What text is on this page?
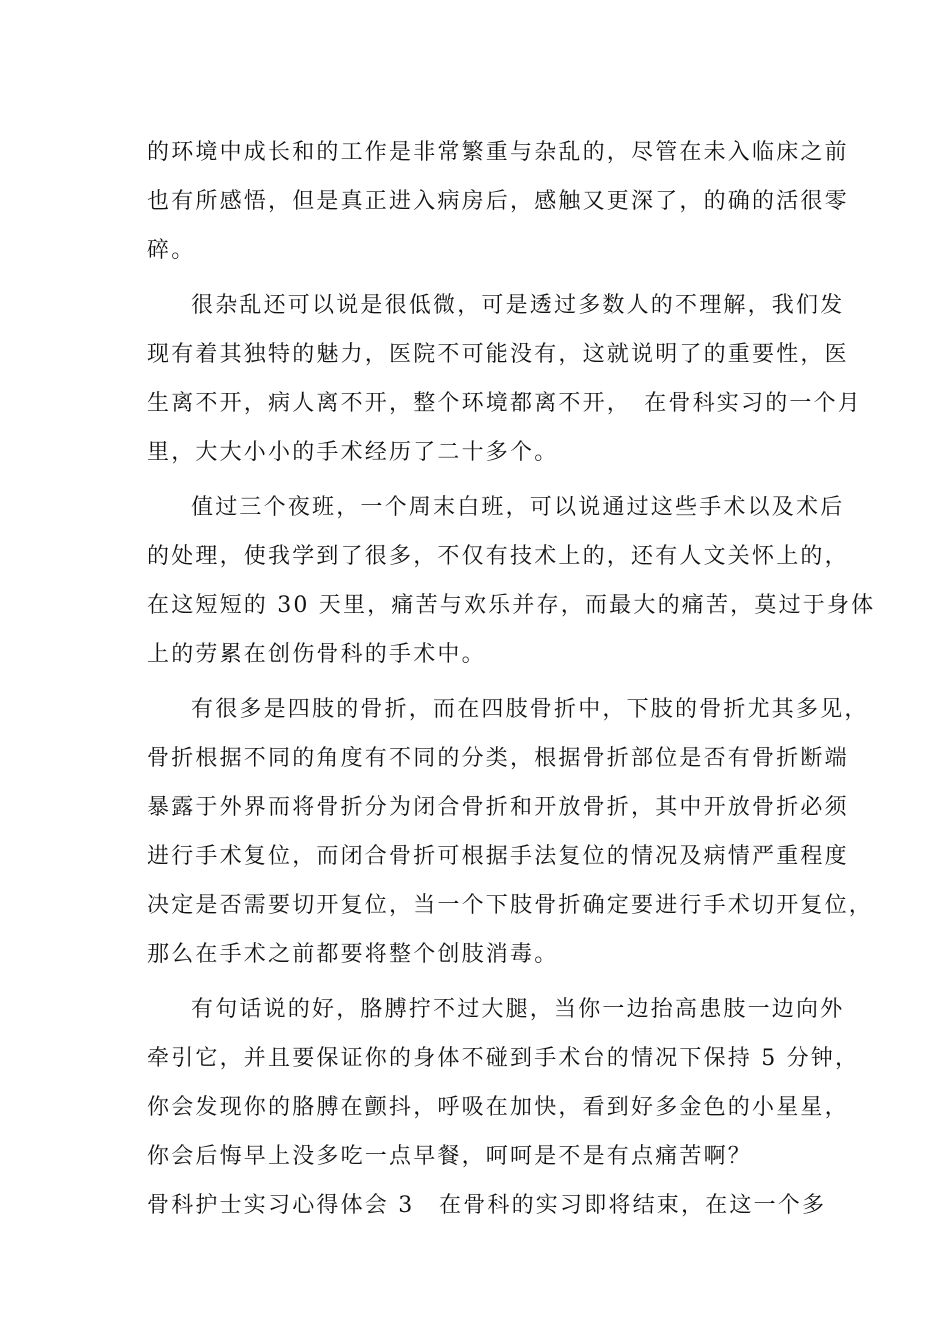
的环境中成长和的工作是非常繁重与杂乱的，尽管在未入临床之前
也有所感悟，但是真正进入病房后，感触又更深了，的确的活很零
碎。
很杂乱还可以说是很低微，可是透过多数人的不理解，我们发
现有着其独特的魅力，医院不可能没有，这就说明了的重要性，医
生离不开，病人离不开，整个环境都离不开，　在骨科实习的一个月
里，大大小小的手术经历了二十多个。
值过三个夜班，一个周末白班，可以说通过这些手术以及术后
的处理，使我学到了很多，不仅有技术上的，还有人文关怀上的，
在这短短的 30 天里，痛苦与欢乐并存，而最大的痛苦，莫过于身体
上的劳累在创伤骨科的手术中。
有很多是四肢的骨折，而在四肢骨折中，下肢的骨折尤其多见，
骨折根据不同的角度有不同的分类，根据骨折部位是否有骨折断端
暴露于外界而将骨折分为闭合骨折和开放骨折，其中开放骨折必须
进行手术复位，而闭合骨折可根据手法复位的情况及病情严重程度
决定是否需要切开复位，当一个下肢骨折确定要进行手术切开复位，
那么在手术之前都要将整个创肢消毒。
有句话说的好，胳膊拧不过大腿，当你一边抬高患肢一边向外
牵引它，并且要保证你的身体不碰到手术台的情况下保持 5 分钟，
你会发现你的胳膊在颤抖，呼吸在加快，看到好多金色的小星星，
你会后悔早上没多吃一点早餐，呵呵是不是有点痛苦啊？
骨科护士实习心得体会 3 在骨科的实习即将结束，在这一个多
